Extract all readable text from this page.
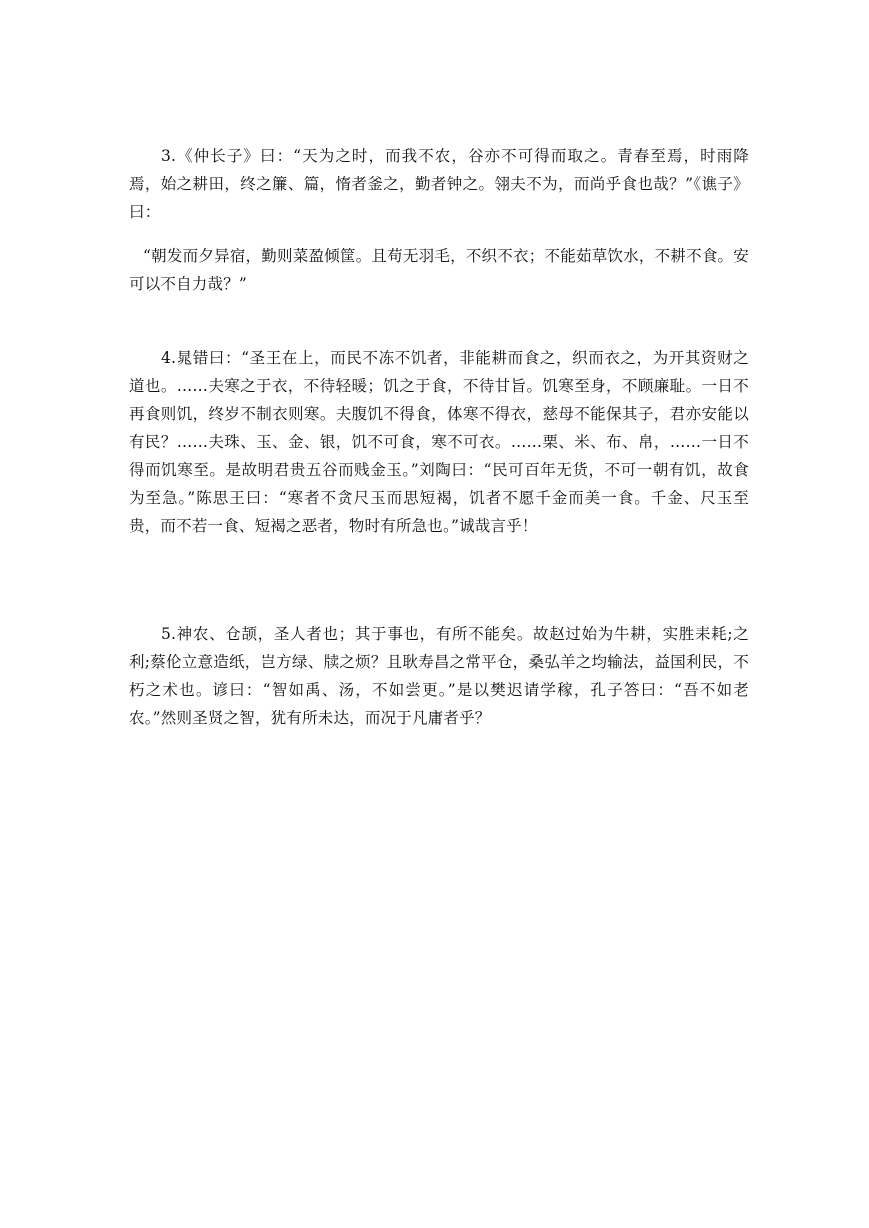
3.《仲长子》曰：“天为之时，而我不农，谷亦不可得而取之。青春至焉，时雨降焉，始之耕田，终之簾、篇，惰者釜之，勤者钟之。翎夫不为，而尚乎食也哉？”《谯子》曰：

“朝发而夕异宿，勤则菜盈倾筐。且苟无羽毛，不织不衣；不能茹草饮水，不耕不食。安可以不自力哉？”

4.晁错曰：“圣王在上，而民不冻不饥者，非能耕而食之，织而衣之，为开其资财之道也。……夫寒之于衣，不待轻暖；饥之于食，不待甘旨。饥寒至身，不顾廉耻。一日不再食则饥，终岁不制衣则寒。夫腹饥不得食，体寒不得衣，慈母不能保其子，君亦安能以有民？……夫珠、玉、金、银，饥不可食，寒不可衣。……栗、米、布、帛，……一日不得而饥寒至。是故明君贵五谷而贱金玉。”刘陶曰：“民可百年无货，不可一朝有饥，故食为至急。”陈思王曰：“寒者不贪尺玉而思短褐，饥者不愿千金而美一食。千金、尺玉至贵，而不若一食、短褐之恶者，物时有所急也。”诚哉言乎！

5.神农、仓颉，圣人者也；其于事也，有所不能矣。故赵过始为牛耕，实胜耒耗;之利;蔡伦立意造纸，岂方绿、牍之烦？且耿寿昌之常平仓，桑弘羊之均输法，益国利民，不朽之术也。谚曰：“智如禹、汤，不如尝更。”是以樊迟请学稼，孔子答曰：“吾不如老农。”然则圣贤之智，犹有所未达，而况于凡庸者乎？
